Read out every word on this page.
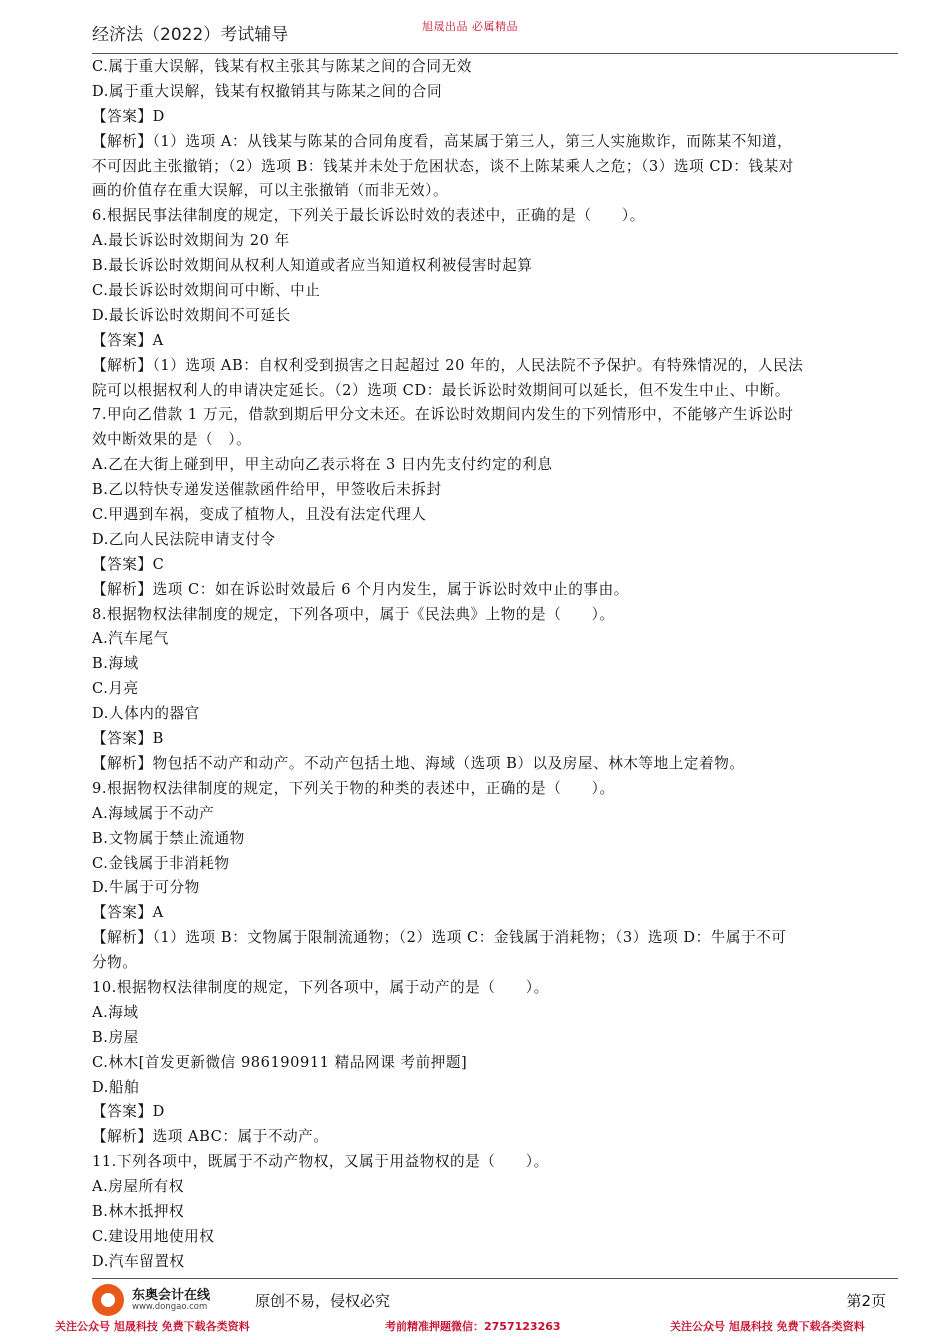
经济法（2022）考试辅导	旭晟出品 必属精品
C.属于重大误解，钱某有权主张其与陈某之间的合同无效
D.属于重大误解，钱某有权撤销其与陈某之间的合同
【答案】D
【解析】（1）选项 A：从钱某与陈某的合同角度看，高某属于第三人，第三人实施欺诈，而陈某不知道，
不可因此主张撤销；（2）选项 B：钱某并未处于危困状态，谈不上陈某乘人之危；（3）选项 CD：钱某对
画的价值存在重大误解，可以主张撤销（而非无效）。
6.根据民事法律制度的规定，下列关于最长诉讼时效的表述中，正确的是（　　）。
A.最长诉讼时效期间为 20 年
B.最长诉讼时效期间从权利人知道或者应当知道权利被侵害时起算
C.最长诉讼时效期间可中断、中止
D.最长诉讼时效期间不可延长
【答案】A
【解析】（1）选项 AB：自权利受到损害之日起超过 20 年的，人民法院不予保护。有特殊情况的，人民法
院可以根据权利人的申请决定延长。（2）选项 CD：最长诉讼时效期间可以延长，但不发生中止、中断。
7.甲向乙借款 1 万元，借款到期后甲分文未还。在诉讼时效期间内发生的下列情形中，不能够产生诉讼时
效中断效果的是（　）。
A.乙在大街上碰到甲，甲主动向乙表示将在 3 日内先支付约定的利息
B.乙以特快专递发送催款函件给甲，甲签收后未拆封
C.甲遇到车祸，变成了植物人，且没有法定代理人
D.乙向人民法院申请支付令
【答案】C
【解析】选项 C：如在诉讼时效最后 6 个月内发生，属于诉讼时效中止的事由。
8.根据物权法律制度的规定，下列各项中，属于《民法典》上物的是（　　）。
A.汽车尾气
B.海域
C.月亮
D.人体内的器官
【答案】B
【解析】物包括不动产和动产。不动产包括土地、海域（选项 B）以及房屋、林木等地上定着物。
9.根据物权法律制度的规定，下列关于物的种类的表述中，正确的是（　　）。
A.海域属于不动产
B.文物属于禁止流通物
C.金钱属于非消耗物
D.牛属于可分物
【答案】A
【解析】（1）选项 B：文物属于限制流通物；（2）选项 C：金钱属于消耗物；（3）选项 D：牛属于不可
分物。
10.根据物权法律制度的规定，下列各项中，属于动产的是（　　）。
A.海域
B.房屋
C.林木[首发更新微信 986190911 精品网课 考前押题]
D.船舶
【答案】D
【解析】选项 ABC：属于不动产。
11.下列各项中，既属于不动产物权，又属于用益物权的是（　　）。
A.房屋所有权
B.林木抵押权
C.建设用地使用权
D.汽车留置权
东奥会计在线
www.dongao.com	原创不易，侵权必究	第2页
关注公众号 旭晟科技 免费下载各类资料	考前精准押题微信：2757123263	关注公众号 旭晟科技 免费下载各类资料
